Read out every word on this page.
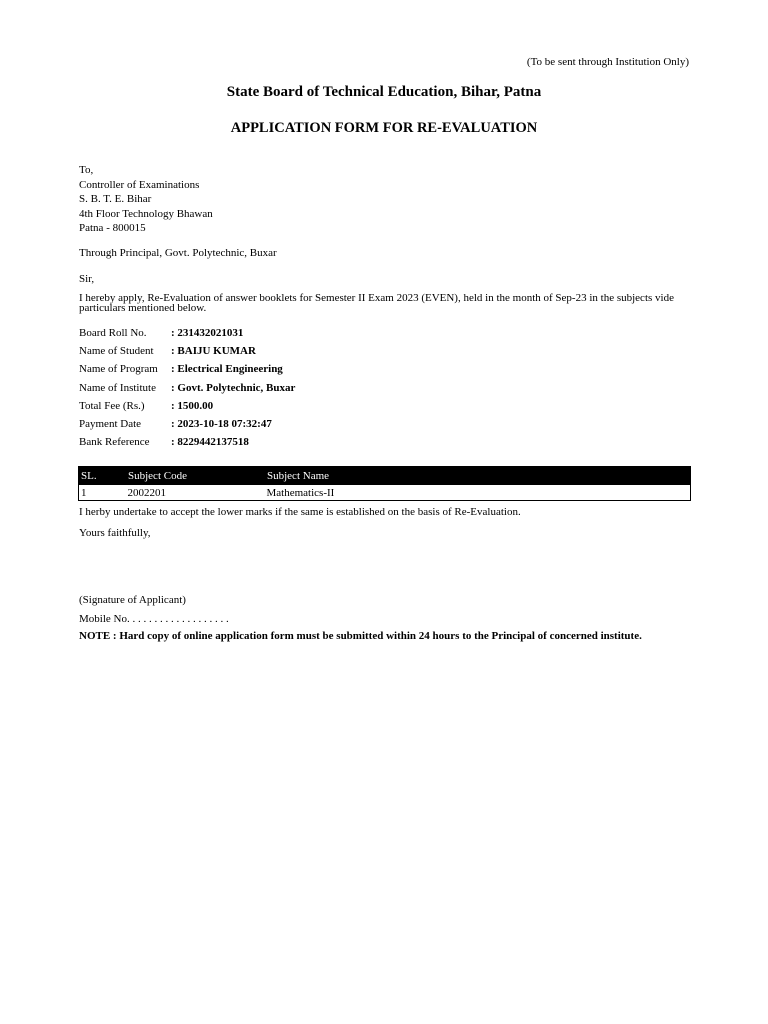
(To be sent through Institution Only)
State Board of Technical Education, Bihar, Patna
APPLICATION FORM FOR RE-EVALUATION
To,
Controller of Examinations
S. B. T. E. Bihar
4th Floor Technology Bhawan
Patna - 800015
Through Principal, Govt. Polytechnic, Buxar
Sir,
I hereby apply, Re-Evaluation of answer booklets for Semester II Exam 2023 (EVEN), held in the month of Sep-23 in the subjects vide particulars mentioned below.
Board Roll No.	: 231432021031
Name of Student	: BAIJU KUMAR
Name of Program	: Electrical Engineering
Name of Institute	: Govt. Polytechnic, Buxar
Total Fee (Rs.)	: 1500.00
Payment Date	: 2023-10-18 07:32:47
Bank Reference	: 8229442137518
SL.	Subject Code	Subject Name
1	2002201	Mathematics-II
I herby undertake to accept the lower marks if the same is established on the basis of Re-Evaluation.
Yours faithfully,
(Signature of Applicant)
Mobile No. . . . . . . . . . . . . . . . . . .
NOTE : Hard copy of online application form must be submitted within 24 hours to the Principal of concerned institute.
